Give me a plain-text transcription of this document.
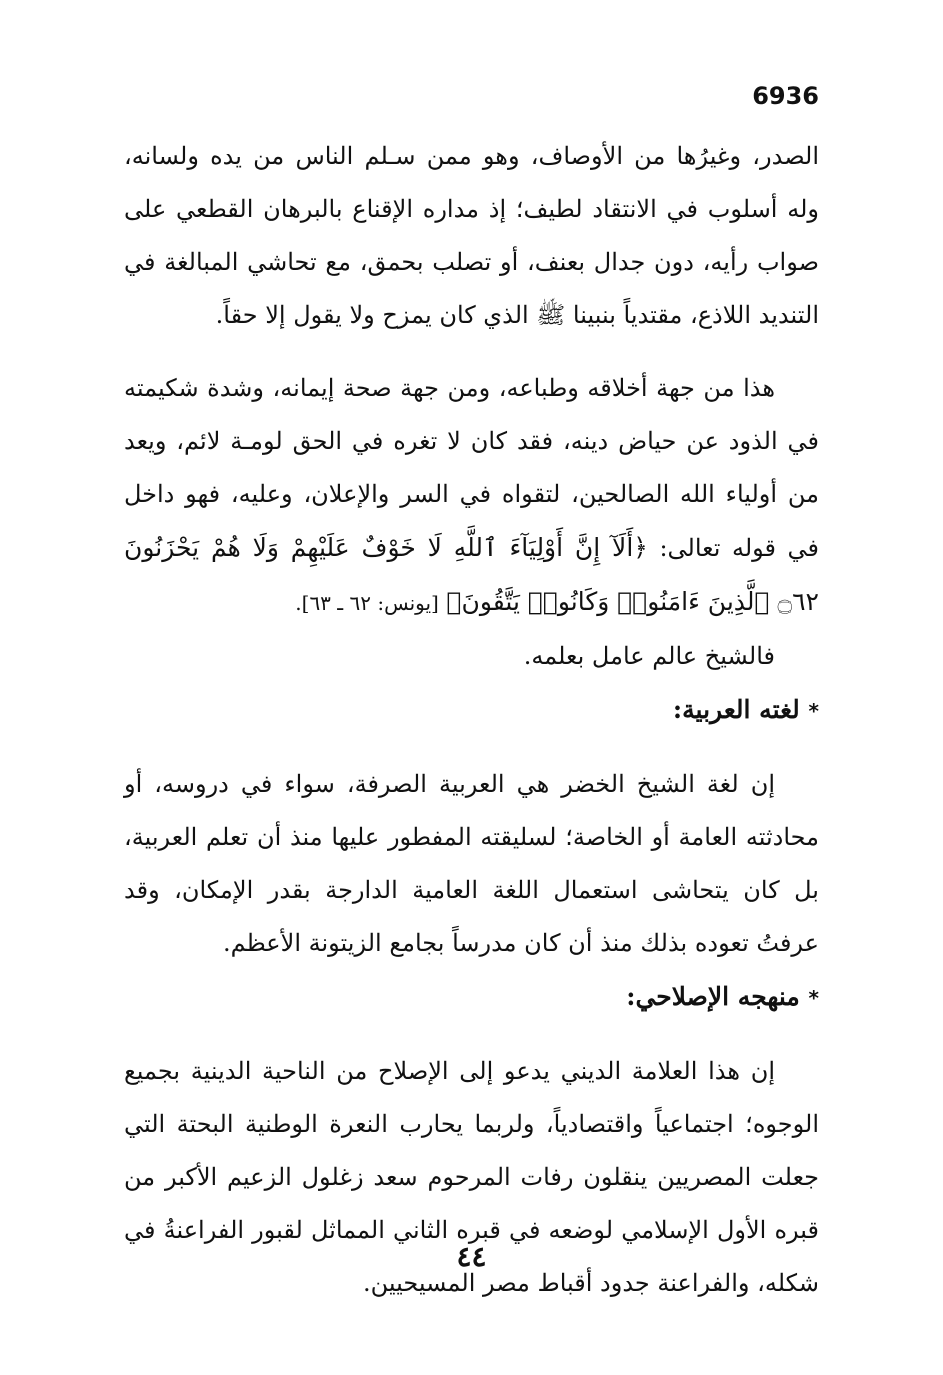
6936

الصدر، وغيرُها من الأوصاف، وهو ممن سـلم الناس من يده ولسانه، وله أسلوب في الانتقاد لطيف؛ إذ مداره الإقناع بالبرهان القطعي على صواب رأيه، دون جدال بعنف، أو تصلب بحمق، مع تحاشي المبالغة في التنديد اللاذع، مقتدياً بنبينا ﷺ الذي كان يمزح ولا يقول إلا حقاً.

هذا من جهة أخلاقه وطباعه، ومن جهة صحة إيمانه، وشدة شكيمته في الذود عن حياض دينه، فقد كان لا تغره في الحق لومـة لائم، ويعد من أولياء الله الصالحين، لتقواه في السر والإعلان، وعليه، فهو داخل في قوله تعالى: ﴿أَلَآ إِنَّ أَوْلِيَآءَ ٱللَّهِ لَا خَوْفٌ عَلَيْهِمْ وَلَا هُمْ يَحْزَنُونَ ۝٦٢ ٱلَّذِينَ ءَامَنُوا۟ وَكَانُوا۟ يَتَّقُونَ﴾ [يونس: ٦٢ ـ ٦٣].

فالشيخ عالم عامل بعلمه.

* لغته العربية:

إن لغة الشيخ الخضر هي العربية الصرفة، سواء في دروسه، أو محادثته العامة أو الخاصة؛ لسليقته المفطور عليها منذ أن تعلم العربية، بل كان يتحاشى استعمال اللغة العامية الدارجة بقدر الإمكان، وقد عرفتُ تعوده بذلك منذ أن كان مدرساً بجامع الزيتونة الأعظم.

* منهجه الإصلاحي:

إن هذا العلامة الديني يدعو إلى الإصلاح من الناحية الدينية بجميع الوجوه؛ اجتماعياً واقتصادياً، ولربما يحارب النعرة الوطنية البحتة التي جعلت المصريين ينقلون رفات المرحوم سعد زغلول الزعيم الأكبر من قبره الأول الإسلامي لوضعه في قبره الثاني المماثل لقبور الفراعنةُ في شكله، والفراعنة جدود أقباط مصر المسيحيين.

٤٤
